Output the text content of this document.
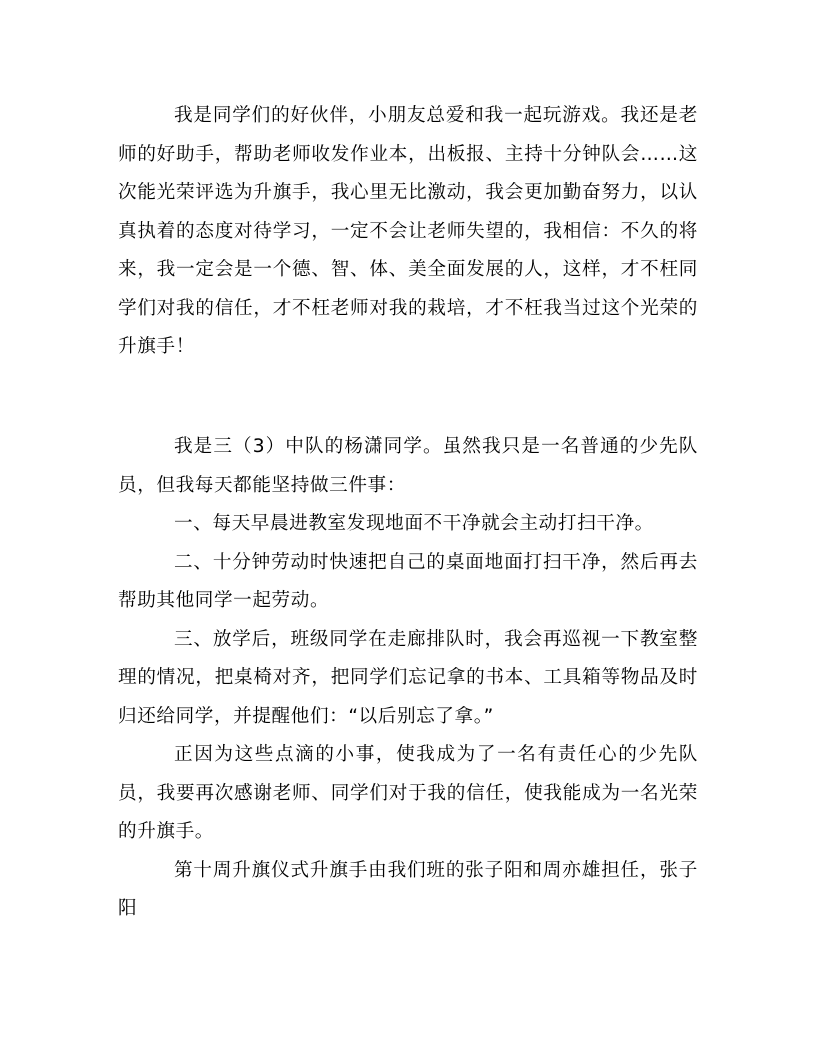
我是同学们的好伙伴，小朋友总爱和我一起玩游戏。我还是老师的好助手，帮助老师收发作业本，出板报、主持十分钟队会……这次能光荣评选为升旗手，我心里无比激动，我会更加勤奋努力，以认真执着的态度对待学习，一定不会让老师失望的，我相信：不久的将来，我一定会是一个德、智、体、美全面发展的人，这样，才不枉同学们对我的信任，才不枉老师对我的栽培，才不枉我当过这个光荣的升旗手！

我是三（3）中队的杨潇同学。虽然我只是一名普通的少先队员，但我每天都能坚持做三件事：

一、每天早晨进教室发现地面不干净就会主动打扫干净。

二、十分钟劳动时快速把自己的桌面地面打扫干净，然后再去帮助其他同学一起劳动。

三、放学后，班级同学在走廊排队时，我会再巡视一下教室整理的情况，把桌椅对齐，把同学们忘记拿的书本、工具箱等物品及时归还给同学，并提醒他们：“以后别忘了拿。”

正因为这些点滴的小事，使我成为了一名有责任心的少先队员，我要再次感谢老师、同学们对于我的信任，使我能成为一名光荣的升旗手。

第十周升旗仪式升旗手由我们班的张子阳和周亦雄担任，张子阳
